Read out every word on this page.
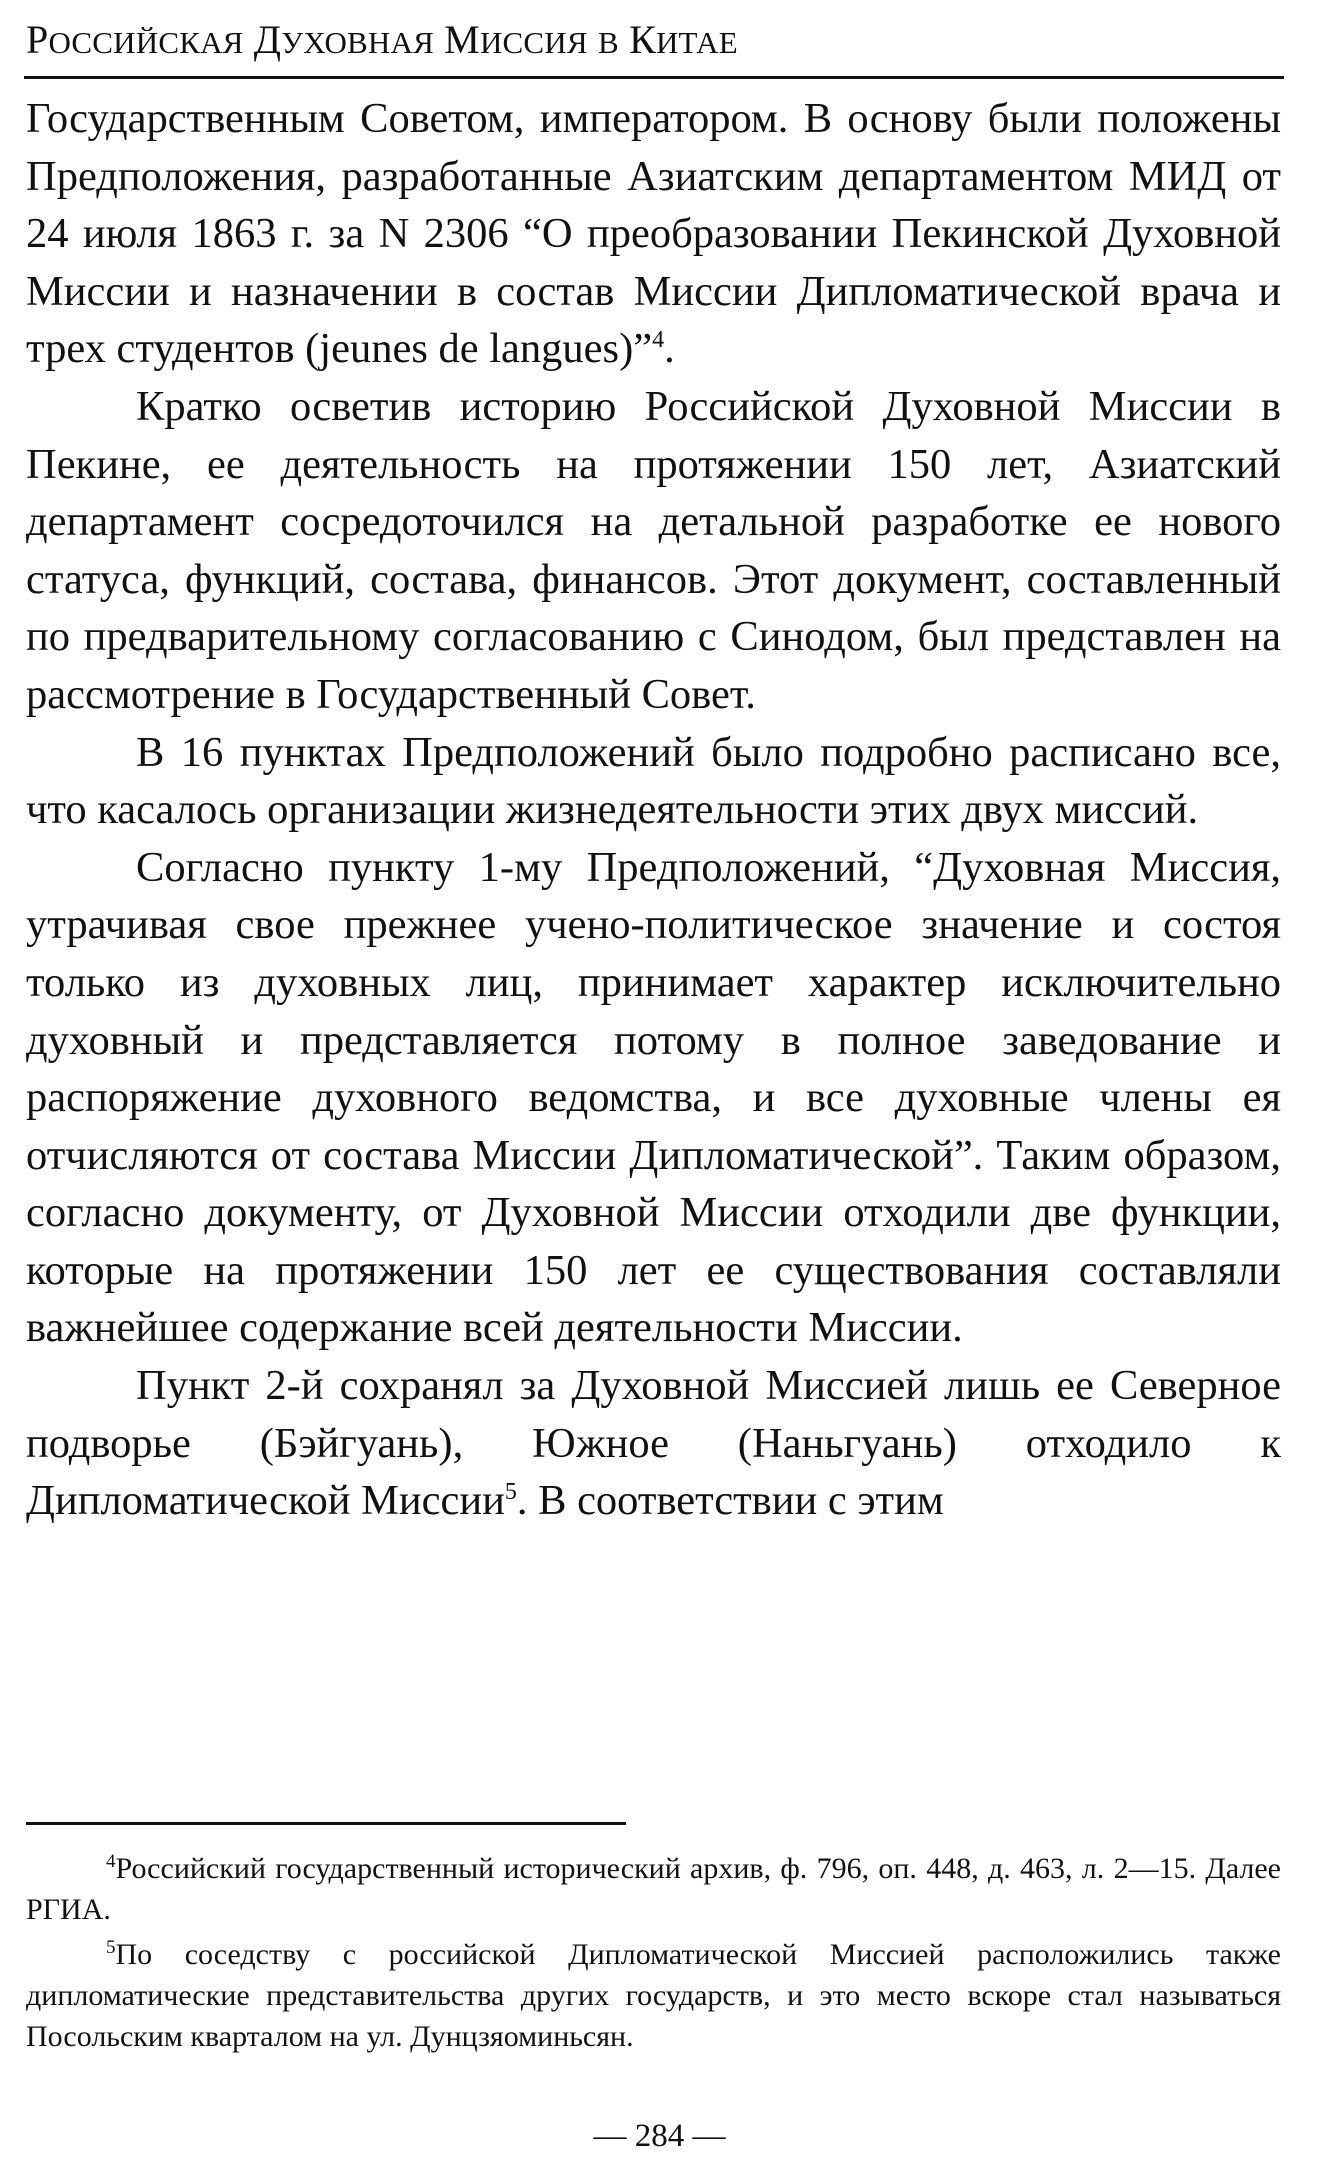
РОССИЙСКАЯ ДУХОВНАЯ МИССИЯ В КИТАЕ

Государственным Советом, императором. В основу были положены Предположения, разработанные Азиатским департаментом МИД от 24 июля 1863 г. за N 2306 “О преобразовании Пекинской Духовной Миссии и назначении в состав Миссии Дипломатической врача и трех студентов (jeunes de langues)”$^4$.

Кратко осветив историю Российской Духовной Миссии в Пекине, ее деятельность на протяжении 150 лет, Азиатский департамент сосредоточился на детальной разработке ее нового статуса, функций, состава, финансов. Этот документ, составленный по предварительному согласованию с Синодом, был представлен на рассмотрение в Государственный Совет.

В 16 пунктах Предположений было подробно расписано все, что касалось организации жизнедеятельности этих двух миссий.

Согласно пункту 1-му Предположений, “Духовная Миссия, утрачивая свое прежнее учено-политическое значение и состоя только из духовных лиц, принимает характер исключительно духовный и представляется потому в полное заведование и распоряжение духовного ведомства, и все духовные члены ея отчисляются от состава Миссии Дипломатической”. Таким образом, согласно документу, от Духовной Миссии отходили две функции, которые на протяжении 150 лет ее существования составляли важнейшее содержание всей деятельности Миссии.

Пункт 2-й сохранял за Духовной Миссией лишь ее Северное подворье (Бэйгуань), Южное (Наньгуань) отходило к Дипломатической Миссии$^5$. В соответствии с этим

$^4$Российский государственный исторический архив, ф. 796, оп. 448, д. 463, л. 2—15. Далее РГИА.

$^5$По соседству с российской Дипломатической Миссией расположились также дипломатические представительства других государств, и это место вскоре стал называться Посольским кварталом на ул. Дунцзяоминьсян.

— 284 —
